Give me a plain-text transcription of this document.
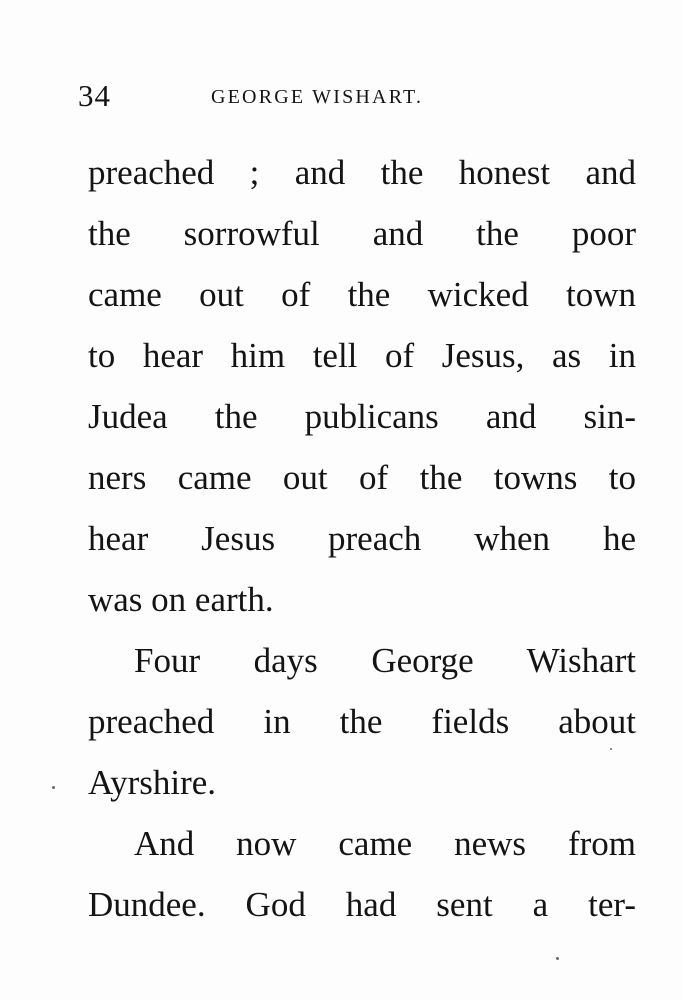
34	GEORGE WISHART.
preached ; and the honest and
the sorrowful and the poor
came out of the wicked town
to hear him tell of Jesus, as in
Judea the publicans and sin-
ners came out of the towns to
hear Jesus preach when he
was on earth.
Four days George Wishart
preached in the fields about
Ayrshire.
And now came news from
Dundee. God had sent a ter-
